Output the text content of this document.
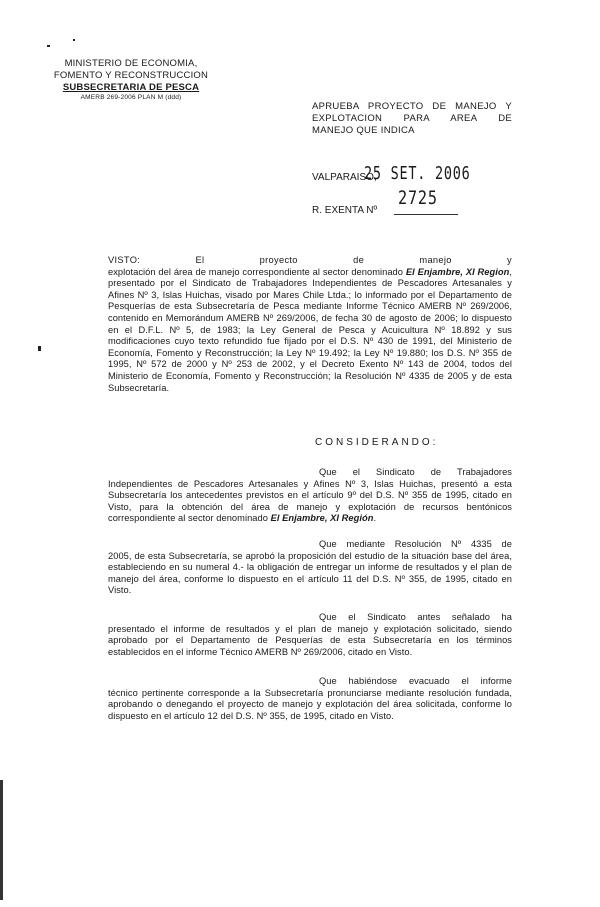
MINISTERIO DE ECONOMIA,
FOMENTO Y RECONSTRUCCION
SUBSECRETARIA DE PESCA
AMERB 269-2006 PLAN M (ddd)
APRUEBA PROYECTO DE MANEJO Y
EXPLOTACION PARA AREA DE
MANEJO QUE INDICA
VALPARAISO,
25 SET. 2006
R. EXENTA Nº
2725
VISTO: El proyecto de manejo y
explotación del área de manejo correspondiente al sector denominado El Enjambre, XI Region, presentado por el Sindicato de Trabajadores Independientes de Pescadores Artesanales y Afines Nº 3, Islas Huichas, visado por Mares Chile Ltda.; lo informado por el Departamento de Pesquerías de esta Subsecretaría de Pesca mediante Informe Técnico AMERB Nº 269/2006, contenido en Memorándum AMERB Nº 269/2006, de fecha 30 de agosto de 2006; lo dispuesto en el D.F.L. Nº 5, de 1983; la Ley General de Pesca y Acuicultura Nº 18.892 y sus modificaciones cuyo texto refundido fue fijado por el D.S. Nº 430 de 1991, del Ministerio de Economía, Fomento y Reconstrucción; la Ley Nº 19.492; la Ley Nº 19.880; los D.S. Nº 355 de 1995, Nº 572 de 2000 y Nº 253 de 2002, y el Decreto Exento Nº 143 de 2004, todos del Ministerio de Economía, Fomento y Reconstrucción; la Resolución Nº 4335 de 2005 y de esta Subsecretaría.
CONSIDERANDO:
Que el Sindicato de Trabajadores
Independientes de Pescadores Artesanales y Afines Nº 3, Islas Huichas, presentó a esta Subsecretaría los antecedentes previstos en el artículo 9º del D.S. Nº 355 de 1995, citado en Visto, para la obtención del área de manejo y explotación de recursos bentónicos correspondiente al sector denominado El Enjambre, XI Región.
Que mediante Resolución Nº 4335 de
2005, de esta Subsecretaría, se aprobó la proposición del estudio de la situación base del área, estableciendo en su numeral 4.- la obligación de entregar un informe de resultados y el plan de manejo del área, conforme lo dispuesto en el artículo 11 del D.S. Nº 355, de 1995, citado en Visto.
Que el Sindicato antes señalado ha
presentado el informe de resultados y el plan de manejo y explotación solicitado, siendo aprobado por el Departamento de Pesquerías de esta Subsecretaría en los términos establecidos en el informe Técnico AMERB Nº 269/2006, citado en Visto.
Que habiéndose evacuado el informe
técnico pertinente corresponde a la Subsecretaría pronunciarse mediante resolución fundada, aprobando o denegando el proyecto de manejo y explotación del área solicitada, conforme lo dispuesto en el artículo 12 del D.S. Nº 355, de 1995, citado en Visto.
